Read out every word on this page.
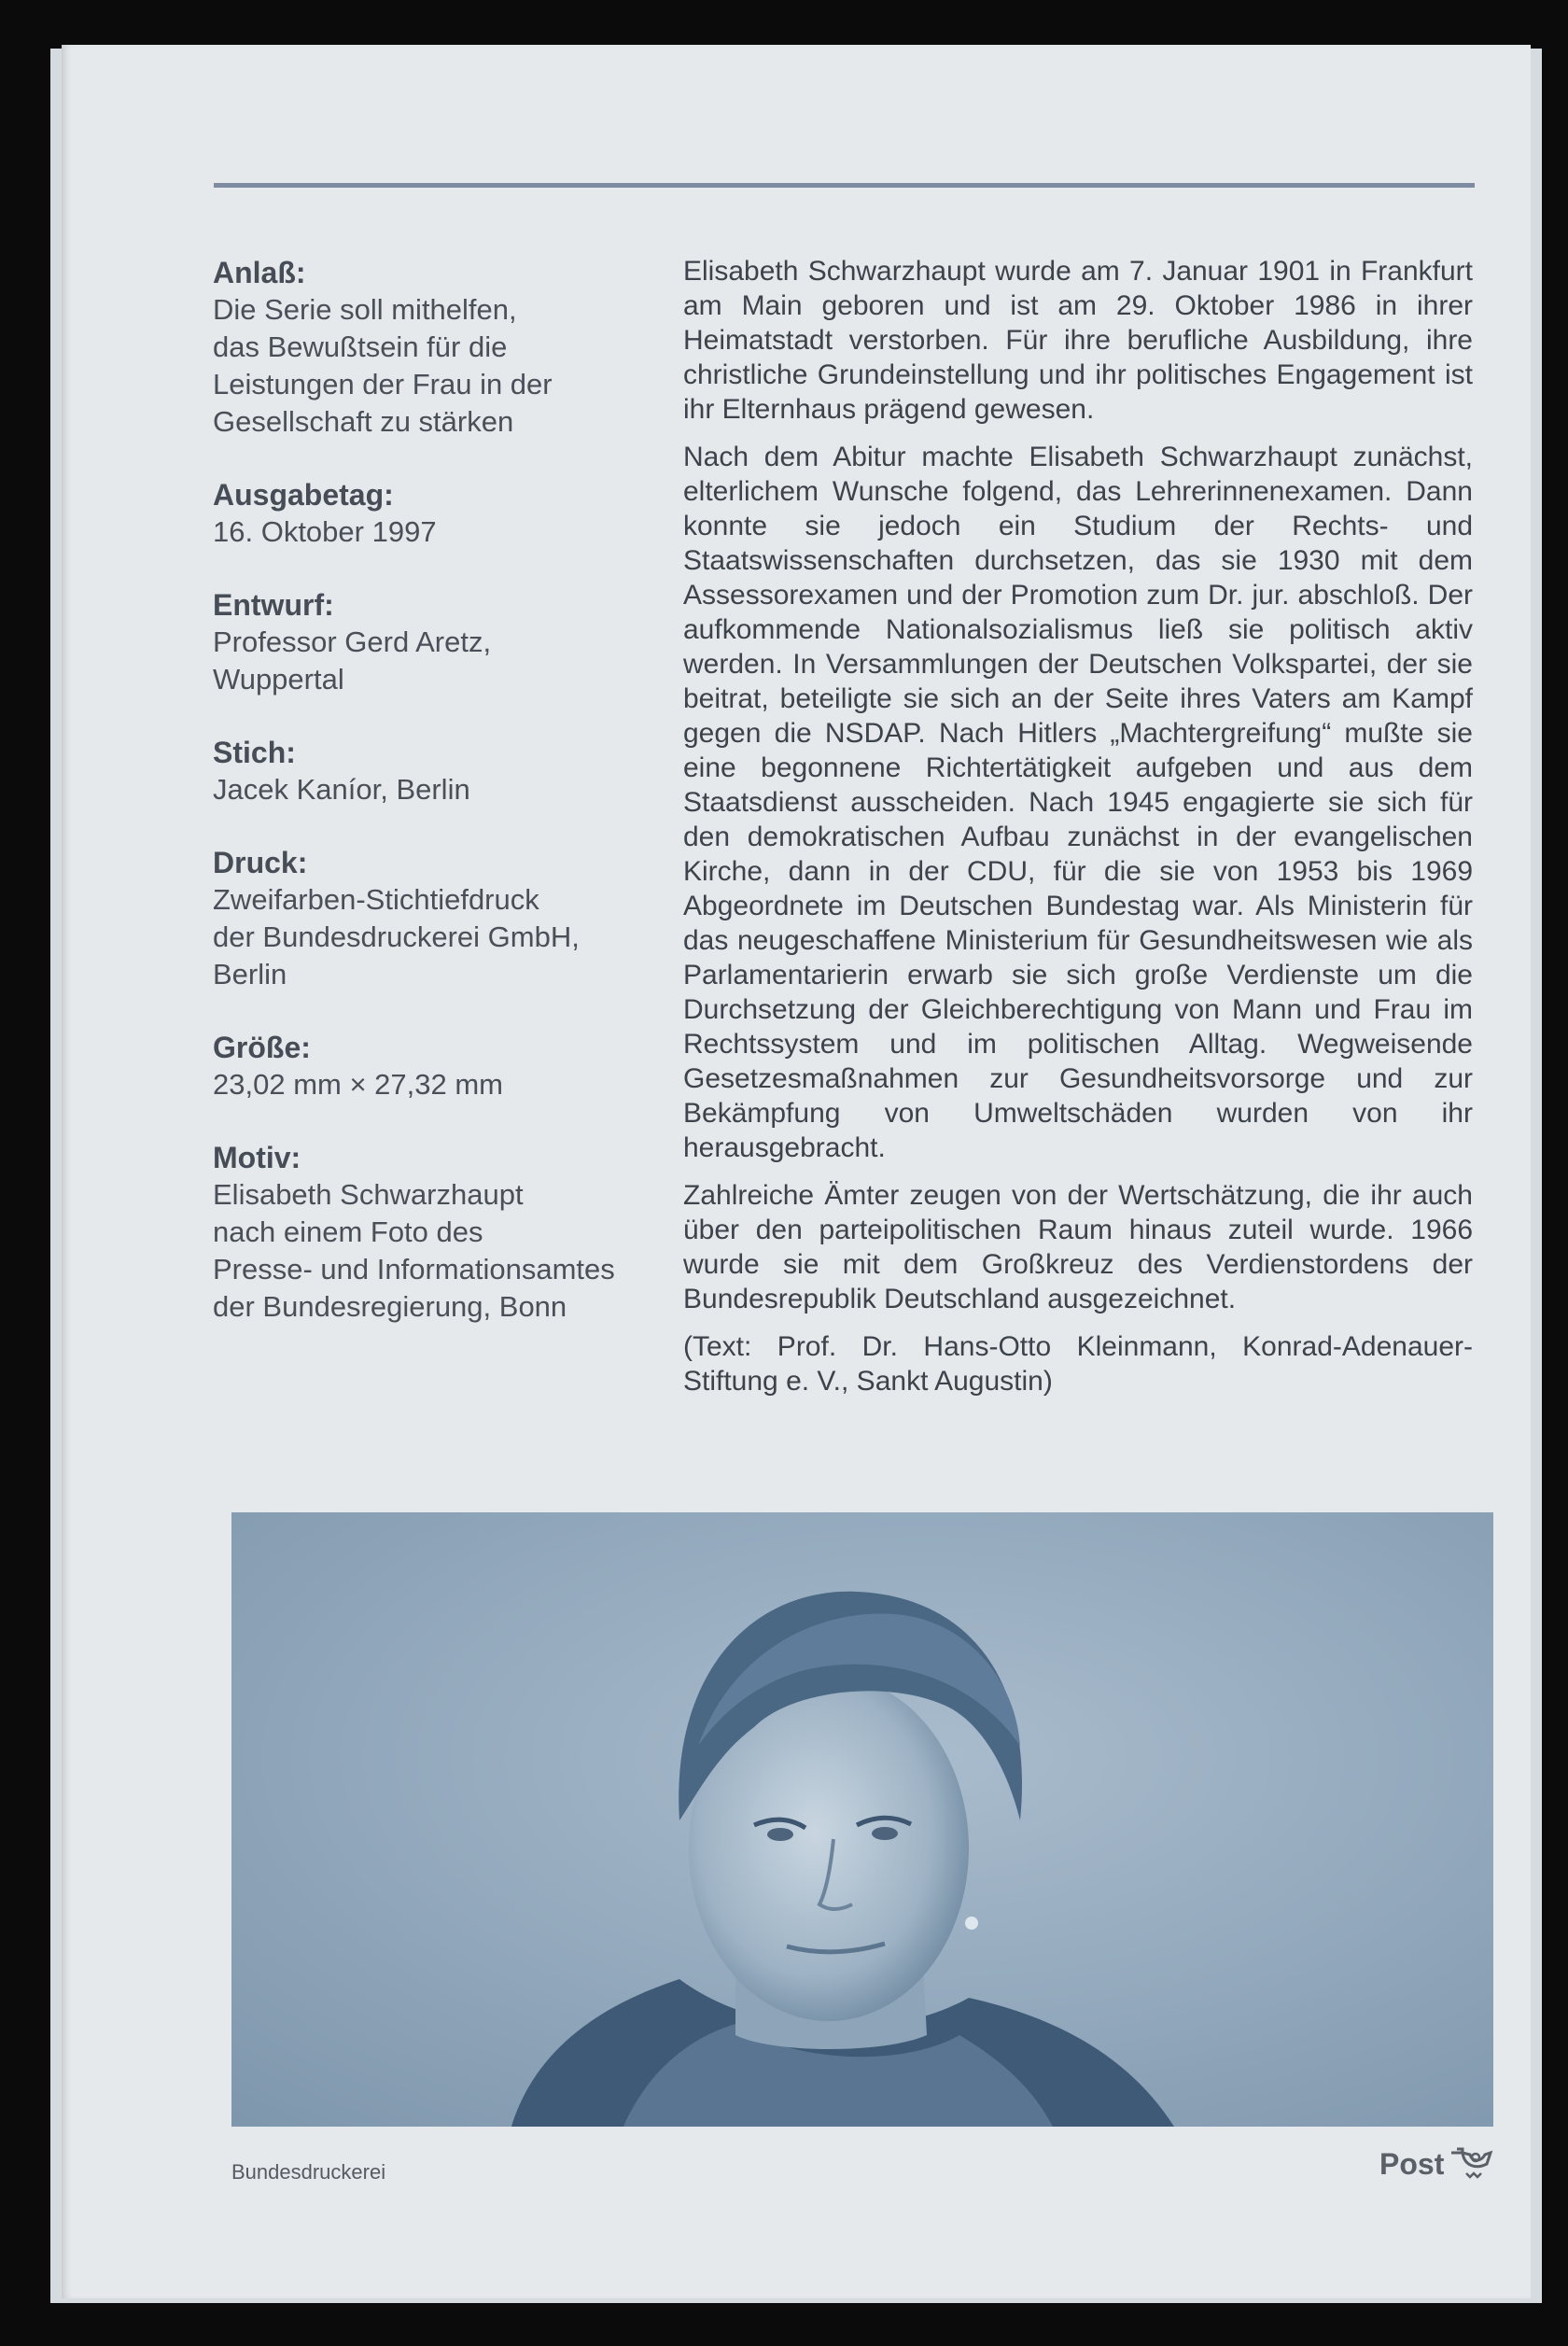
Anlaß:
Die Serie soll mithelfen,
das Bewußtsein für die
Leistungen der Frau in der
Gesellschaft zu stärken
Ausgabetag:
16. Oktober 1997
Entwurf:
Professor Gerd Aretz,
Wuppertal
Stich:
Jacek Kaníor, Berlin
Druck:
Zweifarben-Stichtiefdruck
der Bundesdruckerei GmbH,
Berlin
Größe:
23,02 mm × 27,32 mm
Motiv:
Elisabeth Schwarzhaupt
nach einem Foto des
Presse- und Informationsamtes
der Bundesregierung, Bonn

Elisabeth Schwarzhaupt wurde am 7. Januar 1901 in Frankfurt am Main geboren und ist am 29. Oktober 1986 in ihrer Heimatstadt verstorben. Für ihre berufliche Ausbildung, ihre christliche Grundeinstellung und ihr politisches Engagement ist ihr Elternhaus prägend gewesen.

Nach dem Abitur machte Elisabeth Schwarzhaupt zunächst, elterlichem Wunsche folgend, das Lehrerinnenexamen. Dann konnte sie jedoch ein Studium der Rechts- und Staatswissenschaften durchsetzen, das sie 1930 mit dem Assessorexamen und der Promotion zum Dr. jur. abschloß. Der aufkommende Nationalsozialismus ließ sie politisch aktiv werden. In Versammlungen der Deutschen Volkspartei, der sie beitrat, beteiligte sie sich an der Seite ihres Vaters am Kampf gegen die NSDAP. Nach Hitlers „Machtergreifung“ mußte sie eine begonnene Richtertätigkeit aufgeben und aus dem Staatsdienst ausscheiden. Nach 1945 engagierte sie sich für den demokratischen Aufbau zunächst in der evangelischen Kirche, dann in der CDU, für die sie von 1953 bis 1969 Abgeordnete im Deutschen Bundestag war. Als Ministerin für das neugeschaffene Ministerium für Gesundheitswesen wie als Parlamentarierin erwarb sie sich große Verdienste um die Durchsetzung der Gleichberechtigung von Mann und Frau im Rechtssystem und im politischen Alltag. Wegweisende Gesetzesmaßnahmen zur Gesundheitsvorsorge und zur Bekämpfung von Umweltschäden wurden von ihr herausgebracht.

Zahlreiche Ämter zeugen von der Wertschätzung, die ihr auch über den parteipolitischen Raum hinaus zuteil wurde. 1966 wurde sie mit dem Großkreuz des Verdienstordens der Bundesrepublik Deutschland ausgezeichnet.

(Text: Prof. Dr. Hans-Otto Kleinmann, Konrad-Adenauer-Stiftung e. V., Sankt Augustin)

Bundesdruckerei	Post
